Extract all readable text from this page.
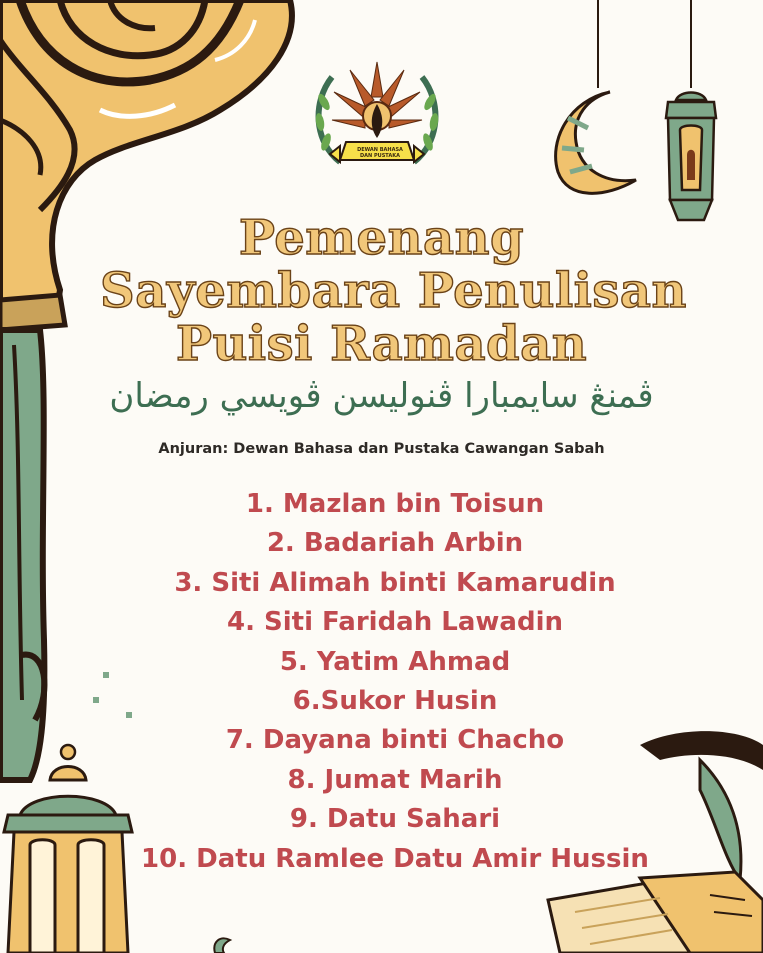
DEWAN BAHASA DAN PUSTAKA
Pemenang
Sayembara Penulisan
Puisi Ramadan
ڤمنڠ سايمبارا ڤنوليسن ڤويسي رمضان
Anjuran: Dewan Bahasa dan Pustaka Cawangan Sabah
1. Mazlan bin Toisun
2. Badariah Arbin
3. Siti Alimah binti Kamarudin
4. Siti Faridah Lawadin
5. Yatim Ahmad
6.Sukor Husin
7. Dayana binti Chacho
8. Jumat Marih
9. Datu Sahari
10. Datu Ramlee Datu Amir Hussin
